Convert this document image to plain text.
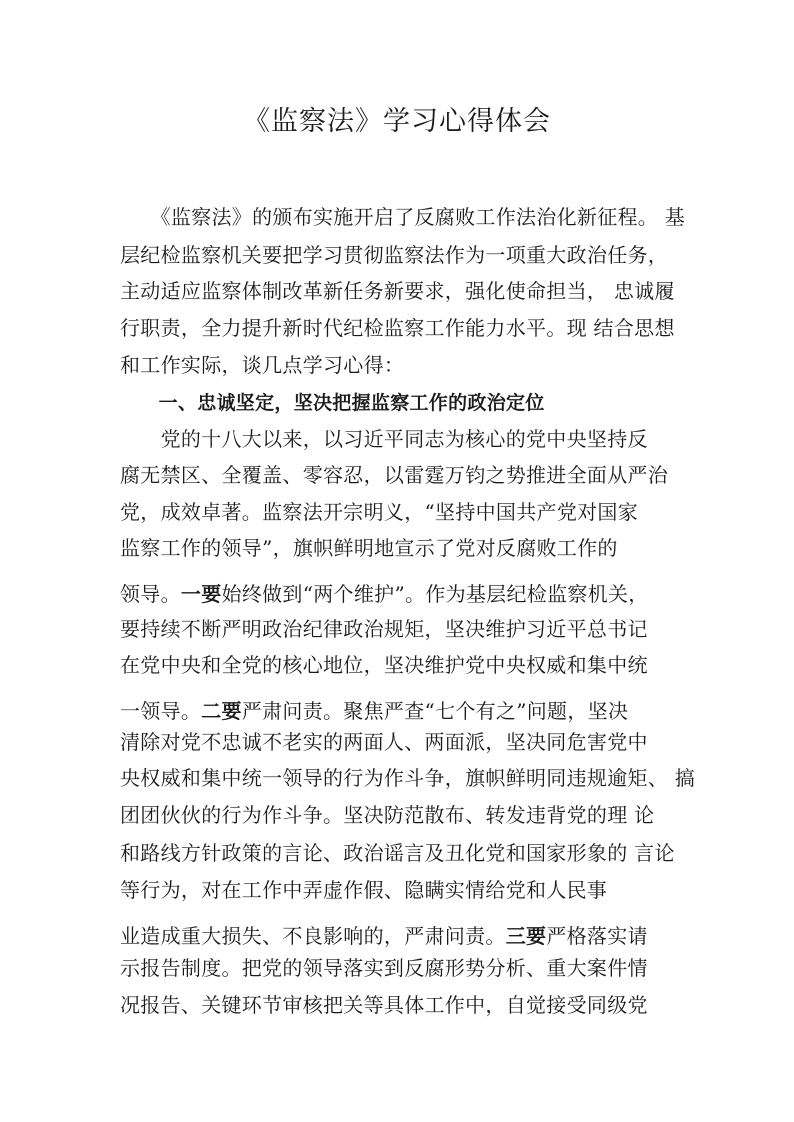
《监察法》学习心得体会
　　《监察法》的颁布实施开启了反腐败工作法治化新征程。 基
层纪检监察机关要把学习贯彻监察法作为一项重大政治任务，
主动适应监察体制改革新任务新要求，强化使命担当， 忠诚履
行职责，全力提升新时代纪检监察工作能力水平。现 结合思想
和工作实际，谈几点学习心得：
　　一、忠诚坚定，坚决把握监察工作的政治定位
　　党的十八大以来，以习近平同志为核心的党中央坚持反
腐无禁区、全覆盖、零容忍，以雷霆万钧之势推进全面从严治
党，成效卓著。监察法开宗明义，“坚持中国共产党对国家
监察工作的领导”，旗帜鲜明地宣示了党对反腐败工作的
领导。一要始终做到“两个维护”。作为基层纪检监察机关，
要持续不断严明政治纪律政治规矩，坚决维护习近平总书记
在党中央和全党的核心地位，坚决维护党中央权威和集中统
一领导。二要严肃问责。聚焦严查“七个有之”问题，坚决
清除对党不忠诚不老实的两面人、两面派，坚决同危害党中
央权威和集中统一领导的行为作斗争，旗帜鲜明同违规逾矩、 搞
团团伙伙的行为作斗争。坚决防范散布、转发违背党的理 论
和路线方针政策的言论、政治谣言及丑化党和国家形象的 言论
等行为，对在工作中弄虚作假、隐瞒实情给党和人民事
业造成重大损失、不良影响的，严肃问责。三要严格落实请
示报告制度。把党的领导落实到反腐形势分析、重大案件情
况报告、关键环节审核把关等具体工作中，自觉接受同级党
